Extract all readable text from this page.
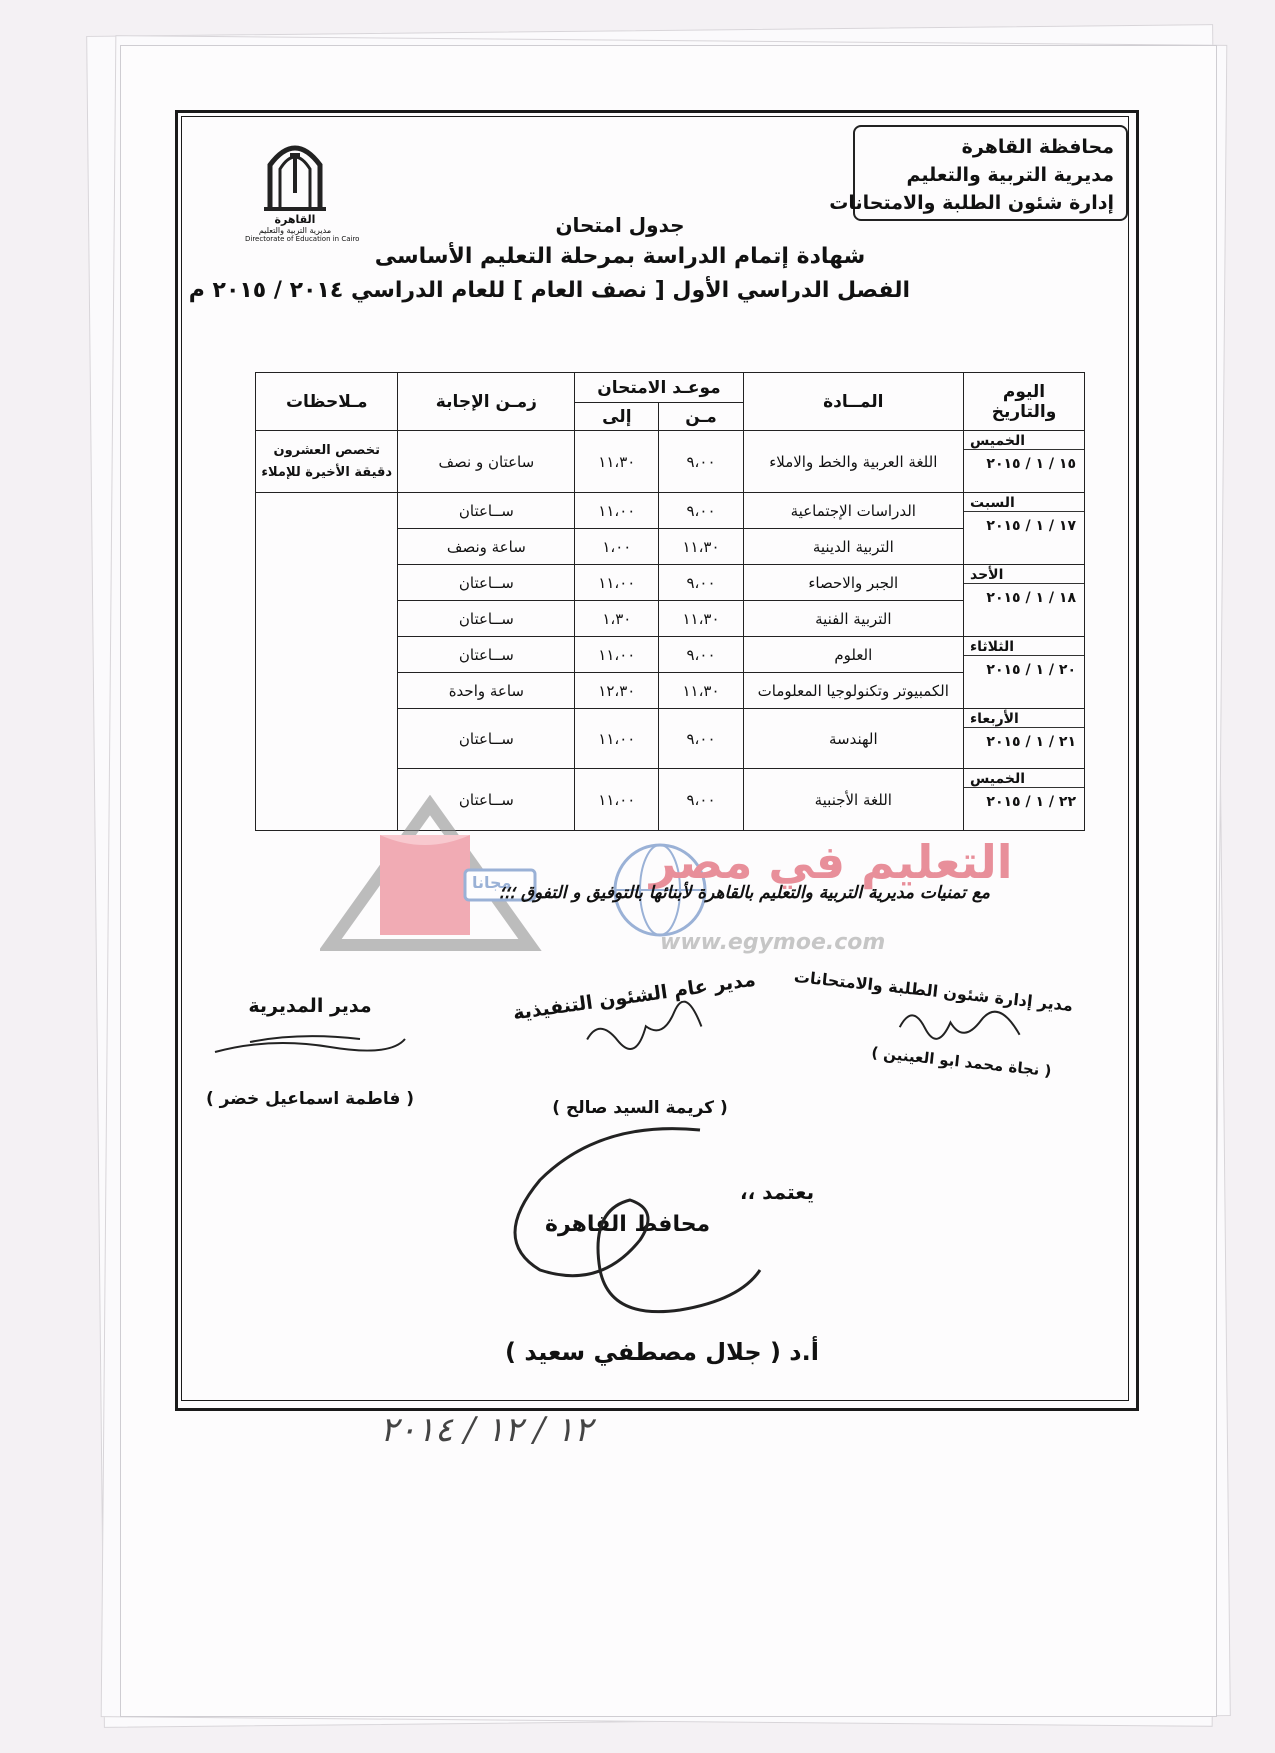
محافظة القاهرة
مديرية التربية والتعليم
إدارة شئون الطلبة والامتحانات
القاهرة
مديرية التربية والتعليم
Directorate of Education in Cairo
جدول امتحان
شهادة إتمام الدراسة بمرحلة التعليم الأساسى
الفصل الدراسي الأول [ نصف العام ] للعام الدراسي ٢٠١٤ / ٢٠١٥ م
اليوم والتاريخ	المــادة	موعـد الامتحان		زمـن الإجابة	مـلاحظات
		مـن	إلى		

الخميس
١٥ / ١ / ٢٠١٥	اللغة العربية والخط والاملاء	٩،٠٠	١١،٣٠	ساعتان و نصف	تخصص العشرون دقيقة الأخيرة للإملاء

السبت
١٧ / ١ / ٢٠١٥	الدراسات الإجتماعية	٩،٠٠	١١،٠٠	ســاعتان	
	التربية الدينية	١١،٣٠	١،٠٠	ساعة ونصف	

الأحد
١٨ / ١ / ٢٠١٥	الجبر والاحصاء	٩،٠٠	١١،٠٠	ســاعتان	
	التربية الفنية	١١،٣٠	١،٣٠	ســاعتان	

الثلاثاء
٢٠ / ١ / ٢٠١٥	العلوم	٩،٠٠	١١،٠٠	ســاعتان	
	الكمبيوتر وتكنولوجيا المعلومات	١١،٣٠	١٢،٣٠	ساعة واحدة	

الأربعاء
٢١ / ١ / ٢٠١٥	الهندسة	٩،٠٠	١١،٠٠	ســاعتان	

الخميس
٢٢ / ١ / ٢٠١٥	اللغة الأجنبية	٩،٠٠	١١،٠٠	ســاعتان	
مجانا	التعليم في مصر
www.egymoe.com
مع تمنيات مديرية التربية والتعليم بالقاهرة لأبنائها بالتوفيق و التفوق ؛؛؛
مدير إدارة شئون الطلبة والامتحانات
( نجاة محمد ابو العينين )
مدير عام الشئون التنفيذية
( كريمة السيد صالح )
مدير المديرية
( فاطمة اسماعيل خضر )
يعتمد ،،
محافظ القاهرة
أ.د ( جلال مصطفي سعيد )
١٢ / ١٢ / ٢٠١٤
